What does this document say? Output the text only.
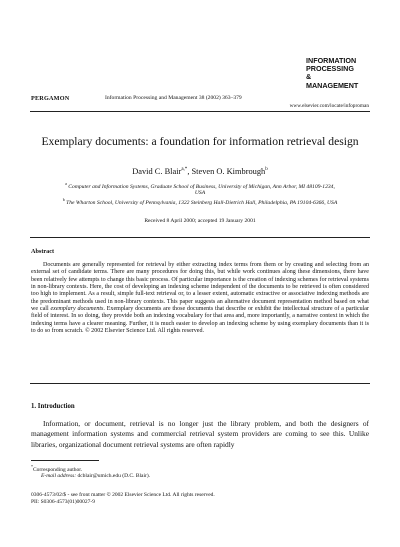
INFORMATION
PROCESSING
&
MANAGEMENT
PERGAMON	Information Processing and Management 38 (2002) 363–379
www.elsevier.com/locate/infoproman
Exemplary documents: a foundation for information retrieval design
David C. Blair$^{a,*}$, Steven O. Kimbrough$^b$
$^a$ Computer and Information Systems, Graduate School of Business, University of Michigan, Ann Arbor, MI 48109-1234, USA
$^b$ The Wharton School, University of Pennsylvania, 1322 Steinberg Hall-Dietrich Hall, Philadelphia, PA 19104-6366, USA
Received 8 April 2000; accepted 19 January 2001
Abstract
Documents are generally represented for retrieval by either extracting index terms from them or by creating and selecting from an external set of candidate terms. There are many procedures for doing this, but while work continues along these dimensions, there have been relatively few attempts to change this basic process. Of particular importance is the creation of indexing schemes for retrieval systems in non-library contexts. Here, the cost of developing an indexing scheme independent of the documents to be retrieved is often considered too high to implement. As a result, simple full-text retrieval or, to a lesser extent, automatic extractive or associative indexing methods are the predominant methods used in non-library contexts. This paper suggests an alternative document representation method based on what we call exemplary documents. Exemplary documents are those documents that describe or exhibit the intellectual structure of a particular field of interest. In so doing, they provide both an indexing vocabulary for that area and, more importantly, a narrative context in which the indexing terms have a clearer meaning. Further, it is much easier to develop an indexing scheme by using exemplary documents than it is to do so from scratch. © 2002 Elsevier Science Ltd. All rights reserved.
1. Introduction
Information, or document, retrieval is no longer just the library problem, and both the designers of management information systems and commercial retrieval system providers are coming to see this. Unlike libraries, organizational document retrieval systems are often rapidly
*Corresponding author.
E-mail address: dcblair@umich.edu (D.C. Blair).
0306-4573/02/$ - see front matter © 2002 Elsevier Science Ltd. All rights reserved.
PII: S0306-4573(01)00027-9
